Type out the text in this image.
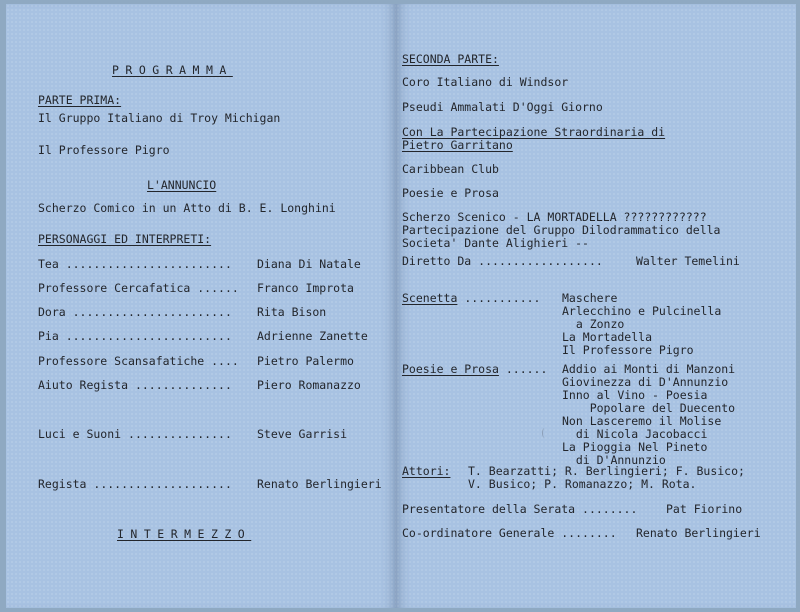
PROGRAMMA
PARTE PRIMA:
Il Gruppo Italiano di Troy Michigan
Il Professore Pigro
L'ANNUNCIO
Scherzo Comico in un Atto di B. E. Longhini
PERSONAGGI ED INTERPRETI:
Tea ........................ Diana Di Natale
Professore Cercafatica ...... Franco Improta
Dora ....................... Rita Bison
Pia ........................ Adrienne Zanette
Professore Scansafatiche .... Pietro Palermo
Aiuto Regista .............. Piero Romanazzo
Luci e Suoni ............... Steve Garrisi
Regista .................... Renato Berlingieri
INTERMEZZO
SECONDA PARTE:
Coro Italiano di Windsor
Pseudi Ammalati D'Oggi Giorno
Con La Partecipazione Straordinaria di
Pietro Garritano
Caribbean Club
Poesie e Prosa
Scherzo Scenico - LA MORTADELLA ????????????
Partecipazione del Gruppo Dilodrammatico della
Societa' Dante Alighieri --
Diretto Da .................. Walter Temelini
Scenetta ........... Maschere
Arlecchino e Pulcinella
a Zonzo
La Mortadella
Il Professore Pigro
Poesie e Prosa ...... Addio ai Monti di Manzoni
Giovinezza di D'Annunzio
Inno al Vino - Poesia
Popolare del Duecento
Non Lasceremo il Molise
di Nicola Jacobacci
La Pioggia Nel Pineto
di D'Annunzio
Attori: T. Bearzatti; R. Berlingieri; F. Busico;
V. Busico; P. Romanazzo; M. Rota.
Presentatore della Serata ........ Pat Fiorino
Co-ordinatore Generale ........ Renato Berlingieri
